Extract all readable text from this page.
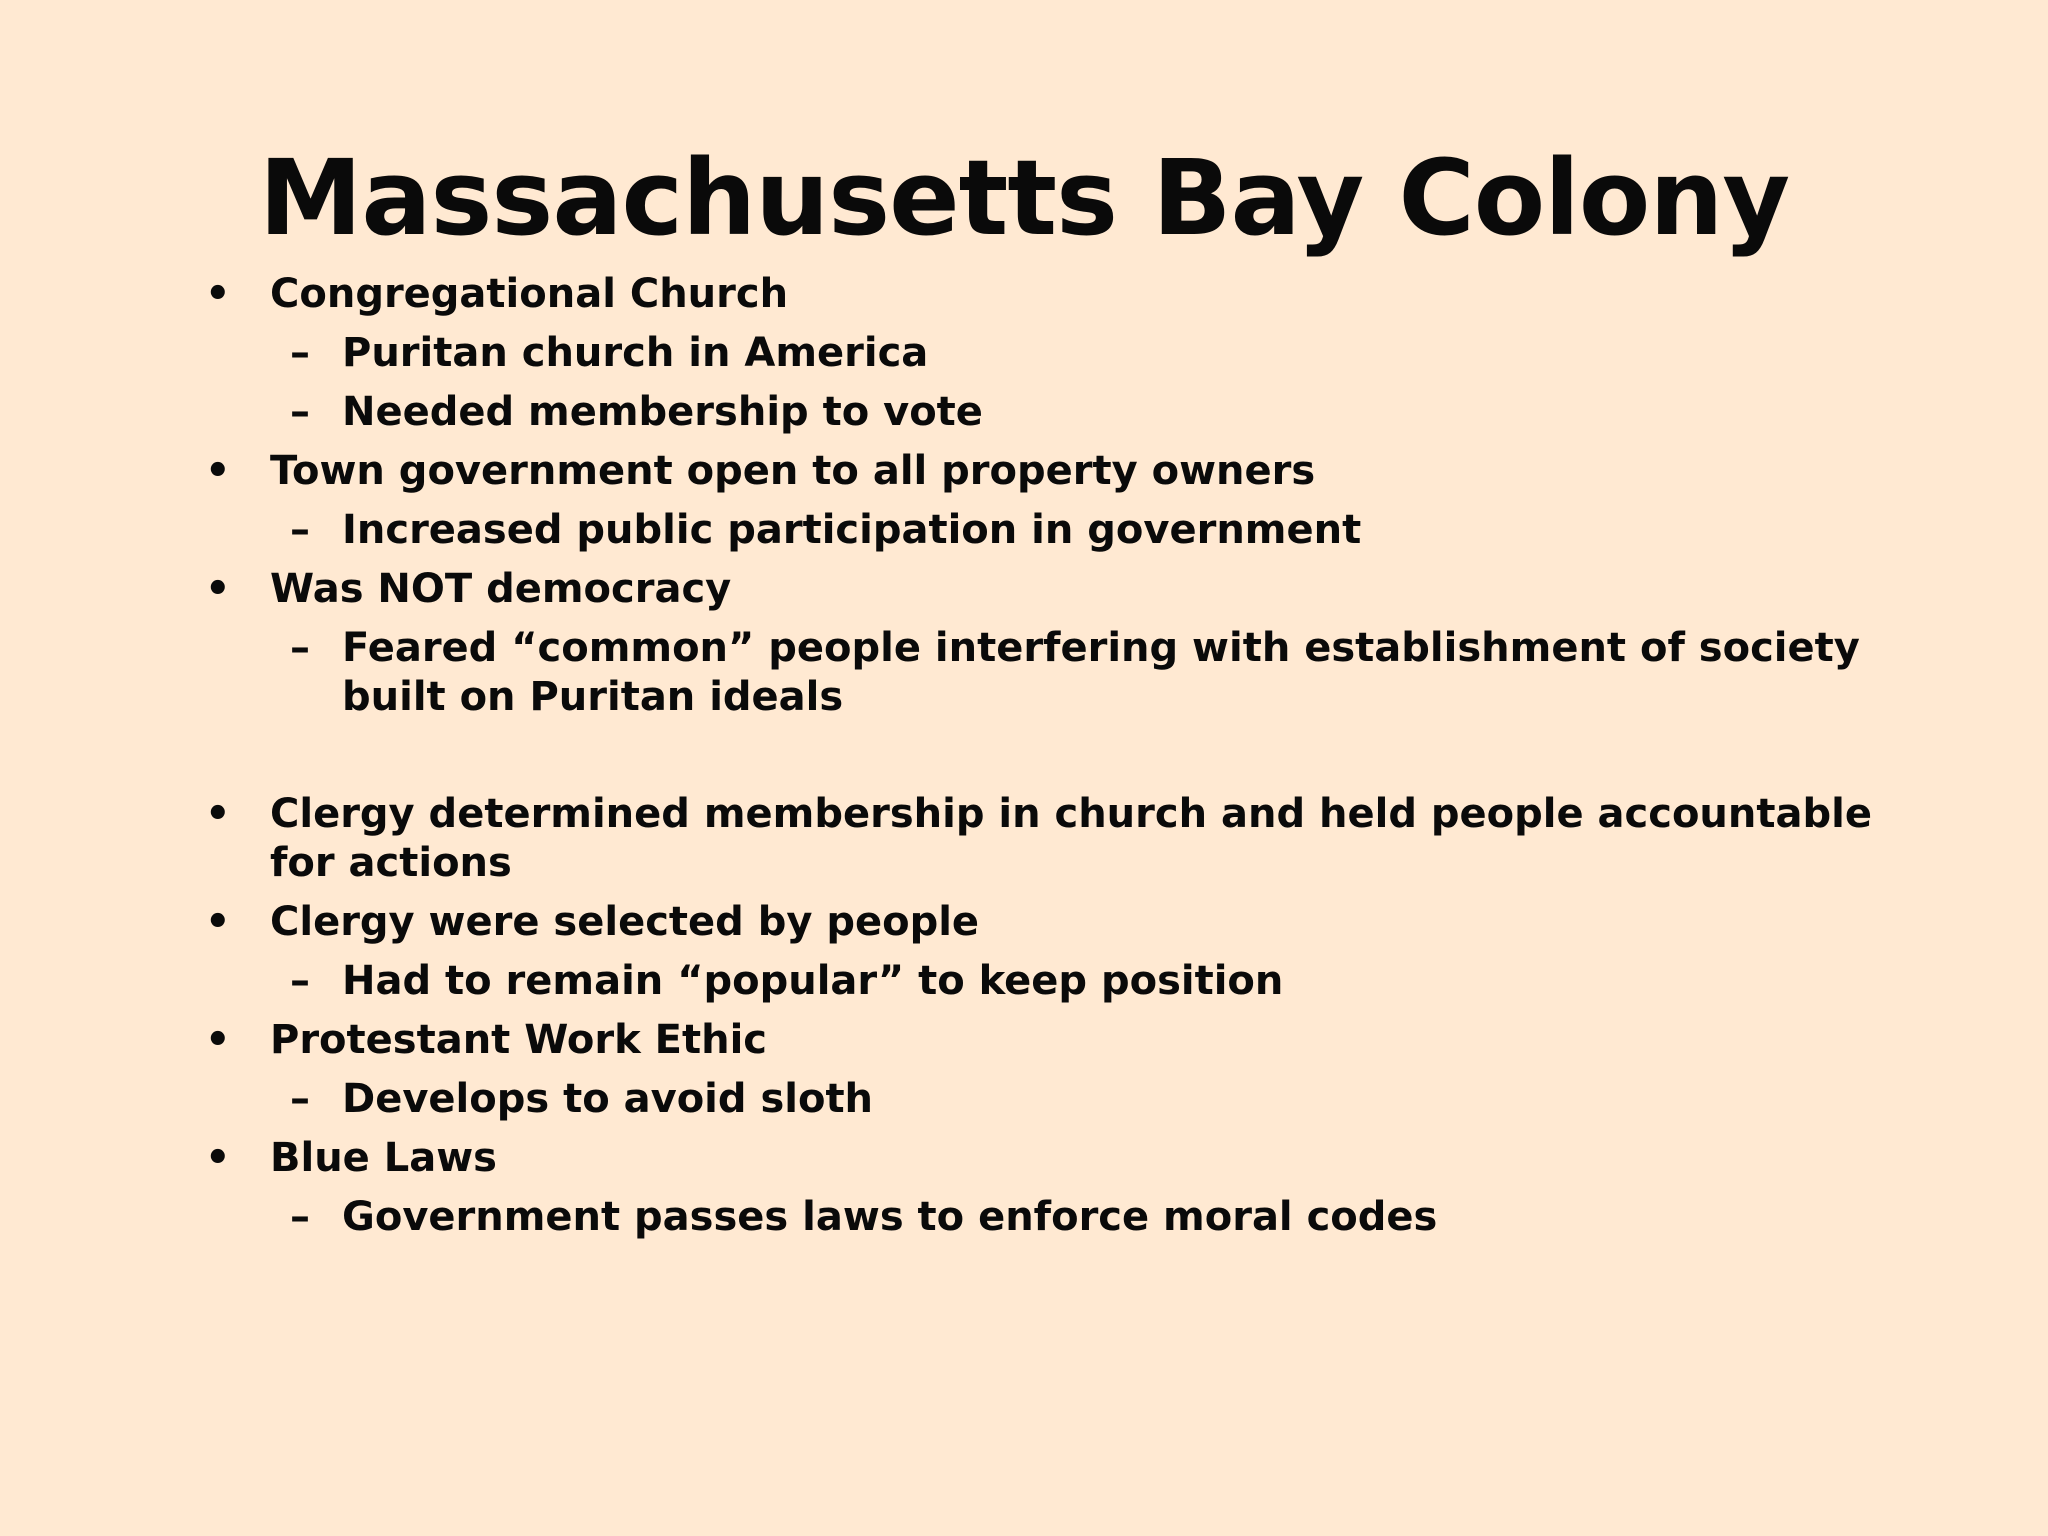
Massachusetts Bay Colony
• Congregational Church
– Puritan church in America
– Needed membership to vote
• Town government open to all property owners
– Increased public participation in government
• Was NOT democracy
– Feared “common” people interfering with establishment of society built on Puritan ideals
• Clergy determined membership in church and held people accountable for actions
• Clergy were selected by people
– Had to remain “popular” to keep position
• Protestant Work Ethic
– Develops to avoid sloth
• Blue Laws
– Government passes laws to enforce moral codes
